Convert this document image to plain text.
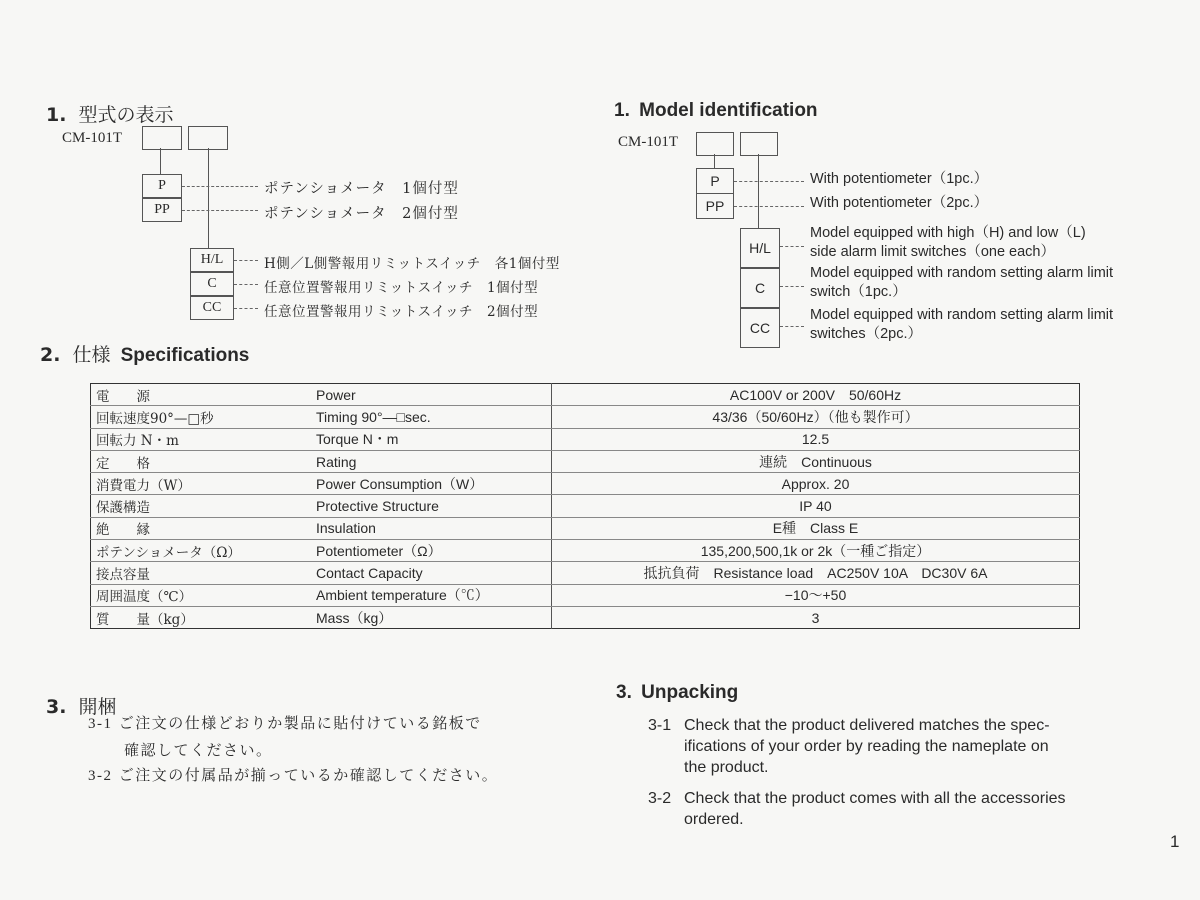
1. 型式の表示
CM-101T
P
PP
ポテンショメータ　1個付型
ポテンショメータ　2個付型
H/L
C
CC
H側／L側警報用リミットスイッチ　各1個付型
任意位置警報用リミットスイッチ　1個付型
任意位置警報用リミットスイッチ　2個付型
1. Model identification
CM-101T
P
PP
With potentiometer（1pc.）
With potentiometer（2pc.）
H/L
C
CC
Model equipped with high（H) and low（L)
side alarm limit switches（one each）
Model equipped with random setting alarm limit
switch（1pc.）
Model equipped with random setting alarm limit
switches（2pc.）
2. 仕様 Specifications
電　　源	Power	AC100V or 200V　50/60Hz
回転速度90°—□秒	Timing 90°—□sec.	43/36（50/60Hz）（他も製作可）
回転力 N・m	Torque N・m	12.5
定　　格	Rating	連続　Continuous
消費電力（W）	Power Consumption（W）	Approx. 20
保護構造	Protective Structure	IP 40
絶　　縁	Insulation	E種　Class E
ポテンショメータ（Ω）	Potentiometer（Ω）	135,200,500,1k or 2k（一種ご指定）
接点容量	Contact Capacity	抵抗負荷　Resistance load　AC250V 10A　DC30V 6A
周囲温度（℃）	Ambient temperature（℃）	−10～+50
質　　量（kg）	Mass（kg）	3
3. 開梱
3-1 ご注文の仕様どおりか製品に貼付けている銘板で
確認してください。
3-2 ご注文の付属品が揃っているか確認してください。
3. Unpacking
3-1 Check that the product delivered matches the spec-
ifications of your order by reading the nameplate on
the product.
3-2 Check that the product comes with all the accessories
ordered.
1
